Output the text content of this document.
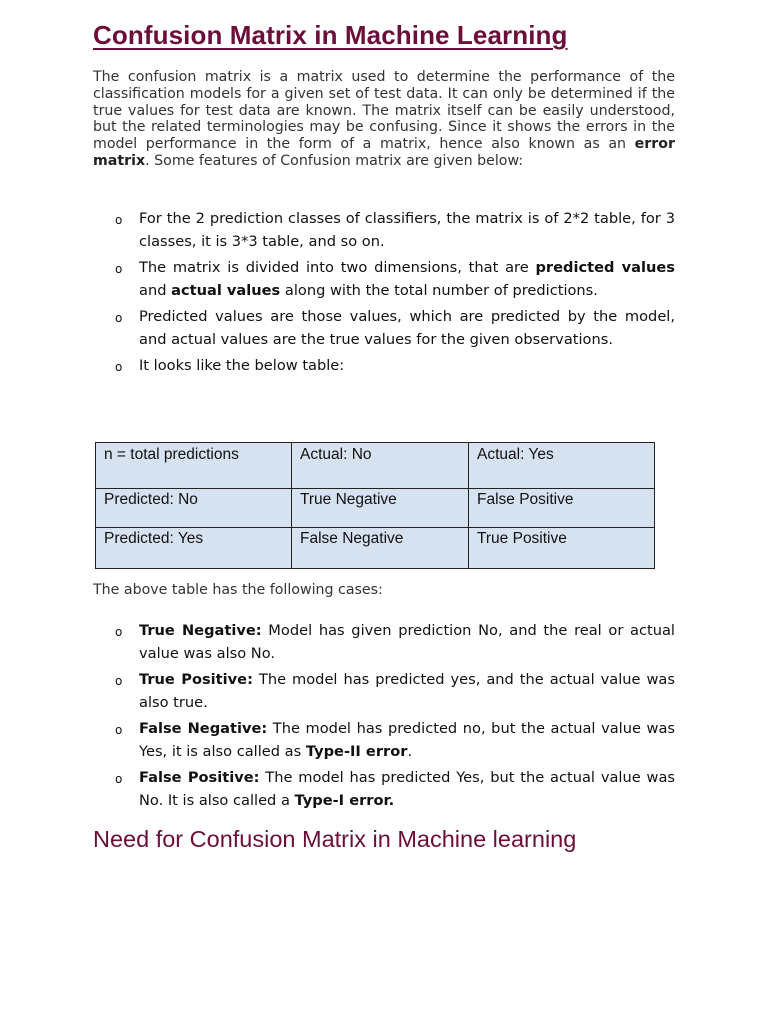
Confusion Matrix in Machine Learning

The confusion matrix is a matrix used to determine the performance of the classification models for a given set of test data. It can only be determined if the true values for test data are known. The matrix itself can be easily understood, but the related terminologies may be confusing. Since it shows the errors in the model performance in the form of a matrix, hence also known as an error matrix. Some features of Confusion matrix are given below:

o For the 2 prediction classes of classifiers, the matrix is of 2*2 table, for 3 classes, it is 3*3 table, and so on.
o The matrix is divided into two dimensions, that are predicted values and actual values along with the total number of predictions.
o Predicted values are those values, which are predicted by the model, and actual values are the true values for the given observations.
o It looks like the below table:
n = total predictions	Actual: No	Actual: Yes
Predicted: No	True Negative	False Positive
Predicted: Yes	False Negative	True Positive

The above table has the following cases:

o True Negative: Model has given prediction No, and the real or actual value was also No.
o True Positive: The model has predicted yes, and the actual value was also true.
o False Negative: The model has predicted no, but the actual value was Yes, it is also called as Type-II error.
o False Positive: The model has predicted Yes, but the actual value was No. It is also called a Type-I error.
Need for Confusion Matrix in Machine learning
